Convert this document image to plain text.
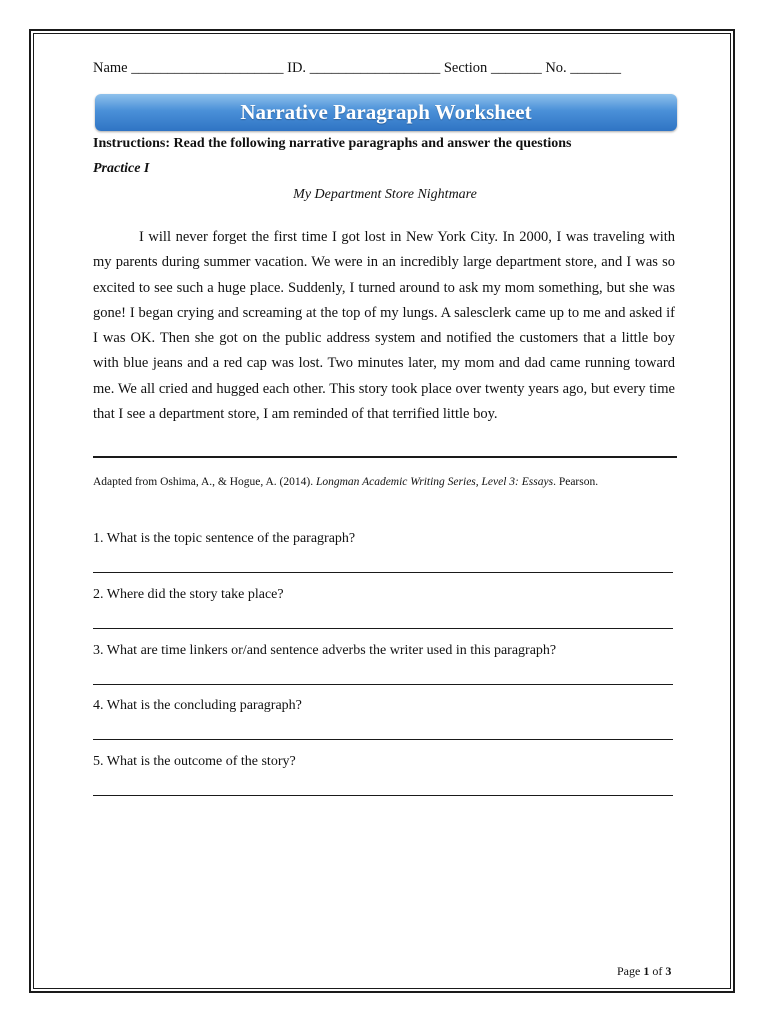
Name _____________________ ID. __________________ Section _______ No. _______
Narrative Paragraph Worksheet
Instructions: Read the following narrative paragraphs and answer the questions
Practice I
My Department Store Nightmare

I will never forget the first time I got lost in New York City. In 2000, I was traveling with my parents during summer vacation. We were in an incredibly large department store, and I was so excited to see such a huge place. Suddenly, I turned around to ask my mom something, but she was gone! I began crying and screaming at the top of my lungs. A salesclerk came up to me and asked if I was OK. Then she got on the public address system and notified the customers that a little boy with blue jeans and a red cap was lost. Two minutes later, my mom and dad came running toward me. We all cried and hugged each other. This story took place over twenty years ago, but every time that I see a department store, I am reminded of that terrified little boy.

Adapted from Oshima, A., & Hogue, A. (2014). Longman Academic Writing Series, Level 3: Essays. Pearson.
1. What is the topic sentence of the paragraph?
2. Where did the story take place?
3. What are time linkers or/and sentence adverbs the writer used in this paragraph?
4. What is the concluding paragraph?
5. What is the outcome of the story?
Page 1 of 3
